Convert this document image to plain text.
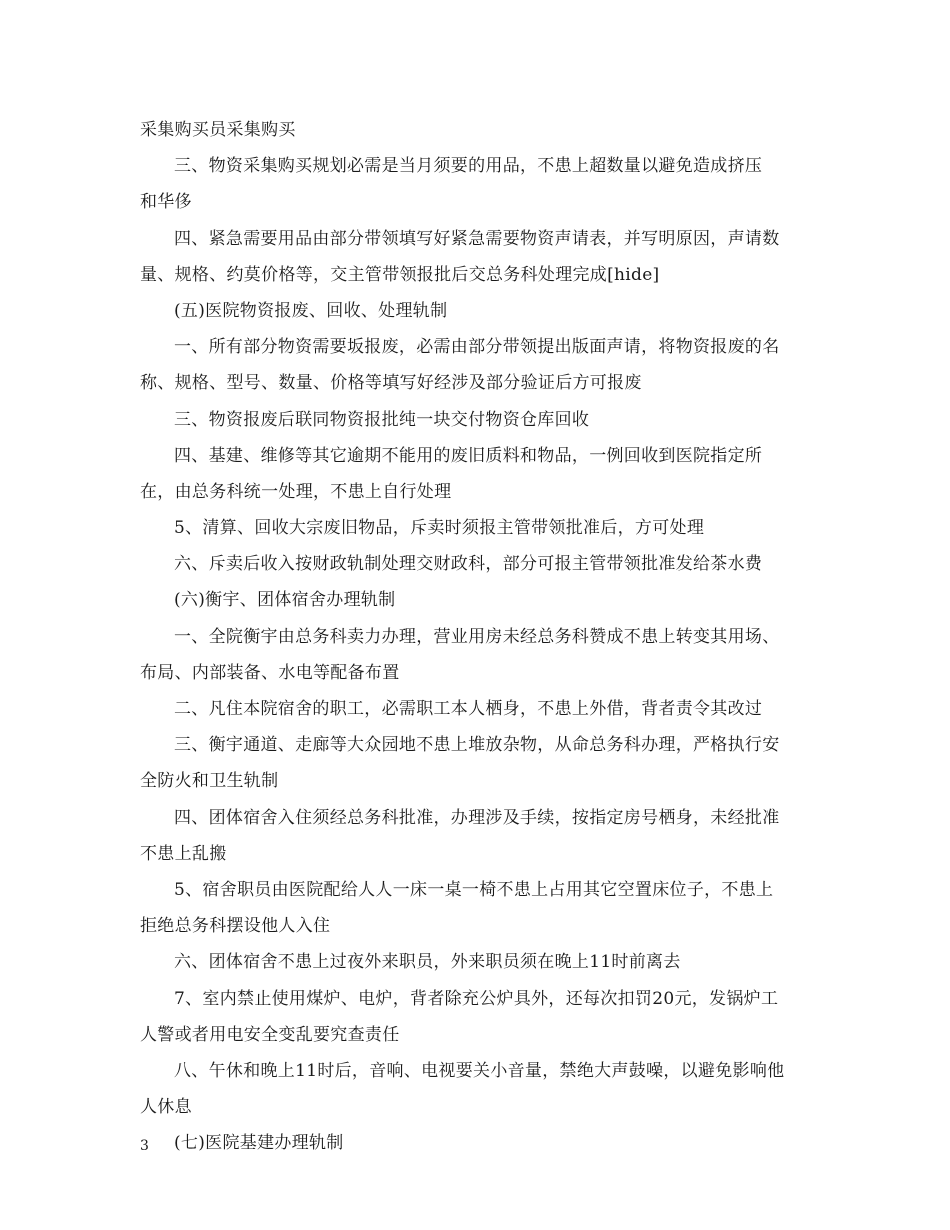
采集购买员采集购买
三、物资采集购买规划必需是当月须要的用品，不患上超数量以避免造成挤压
和华侈
四、紧急需要用品由部分带领填写好紧急需要物资声请表，并写明原因，声请数
量、规格、约莫价格等，交主管带领报批后交总务科处理完成[hide]
(五)医院物资报废、回收、处理轨制
一、所有部分物资需要坂报废，必需由部分带领提出版面声请，将物资报废的名
称、规格、型号、数量、价格等填写好经涉及部分验证后方可报废
三、物资报废后联同物资报批纯一块交付物资仓库回收
四、基建、维修等其它逾期不能用的废旧质料和物品，一例回收到医院指定所
在，由总务科统一处理，不患上自行处理
5、清算、回收大宗废旧物品，斥卖时须报主管带领批准后，方可处理
六、斥卖后收入按财政轨制处理交财政科，部分可报主管带领批准发给茶水费
(六)衡宇、团体宿舍办理轨制
一、全院衡宇由总务科卖力办理，营业用房未经总务科赞成不患上转变其用场、
布局、内部装备、水电等配备布置
二、凡住本院宿舍的职工，必需职工本人栖身，不患上外借，背者责令其改过
三、衡宇通道、走廊等大众园地不患上堆放杂物，从命总务科办理，严格执行安
全防火和卫生轨制
四、团体宿舍入住须经总务科批准，办理涉及手续，按指定房号栖身，未经批准
不患上乱搬
5、宿舍职员由医院配给人人一床一桌一椅不患上占用其它空置床位子，不患上
拒绝总务科摆设他人入住
六、团体宿舍不患上过夜外来职员，外来职员须在晚上11时前离去
7、室内禁止使用煤炉、电炉，背者除充公炉具外，还每次扣罚20元，发锅炉工
人警或者用电安全变乱要究查责任
八、午休和晚上11时后，音响、电视要关小音量，禁绝大声鼓噪，以避免影响他
人休息
(七)医院基建办理轨制
3
